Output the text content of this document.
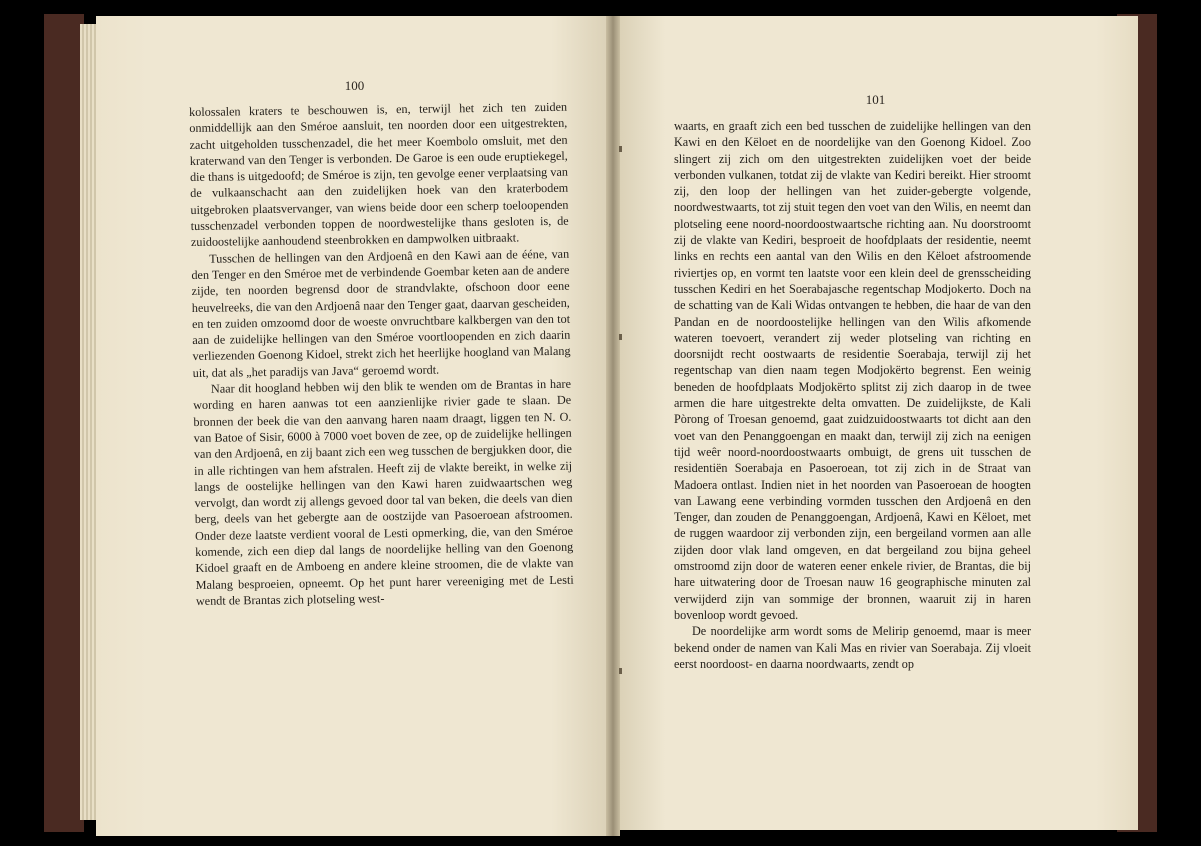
100

kolossalen kraters te beschouwen is, en, terwijl het zich ten zuiden onmiddellijk aan den Sméroe aansluit, ten noorden door een uitgestrekten, zacht uitgeholden tusschenzadel, die het meer Koembolo omsluit, met den kraterwand van den Tenger is verbonden. De Garoe is een oude eruptiekegel, die thans is uitgedoofd; de Sméroe is zijn, ten gevolge eener verplaatsing van de vulkaanschacht aan den zuidelijken hoek van den kraterbodem uitgebroken plaatsvervanger, van wiens beide door een scherp toeloopenden tusschenzadel verbonden toppen de noordwestelijke thans gesloten is, de zuidoostelijke aanhoudend steenbrokken en dampwolken uitbraakt.

Tusschen de hellingen van den Ardjoenâ en den Kawi aan de ééne, van den Tenger en den Sméroe met de verbindende Goembar keten aan de andere zijde, ten noorden begrensd door de strandvlakte, ofschoon door eene heuvelreeks, die van den Ardjoenâ naar den Tenger gaat, daarvan gescheiden, en ten zuiden omzoomd door de woeste onvruchtbare kalkbergen van den tot aan de zuidelijke hellingen van den Sméroe voortloopenden en zich daarin verliezenden Goenong Kidoel, strekt zich het heerlijke hoogland van Malang uit, dat als „het paradijs van Java“ geroemd wordt.

Naar dit hoogland hebben wij den blik te wenden om de Brantas in hare wording en haren aanwas tot een aanzienlijke rivier gade te slaan. De bronnen der beek die van den aanvang haren naam draagt, liggen ten N. O. van Batoe of Sisir, 6000 à 7000 voet boven de zee, op de zuidelijke hellingen van den Ardjoenâ, en zij baant zich een weg tusschen de bergjukken door, die in alle richtingen van hem afstralen. Heeft zij de vlakte bereikt, in welke zij langs de oostelijke hellingen van den Kawi haren zuidwaartschen weg vervolgt, dan wordt zij allengs gevoed door tal van beken, die deels van dien berg, deels van het gebergte aan de oostzijde van Pasoeroean afstroomen. Onder deze laatste verdient vooral de Lesti opmerking, die, van den Sméroe komende, zich een diep dal langs de noordelijke helling van den Goenong Kidoel graaft en de Amboeng en andere kleine stroomen, die de vlakte van Malang besproeien, opneemt. Op het punt harer vereeniging met de Lesti wendt de Brantas zich plotseling west-

101

waarts, en graaft zich een bed tusschen de zuidelijke hellingen van den Kawi en den Këloet en de noordelijke van den Goenong Kidoel. Zoo slingert zij zich om den uitgestrekten zuidelijken voet der beide verbonden vulkanen, totdat zij de vlakte van Kediri bereikt. Hier stroomt zij, den loop der hellingen van het zuider-gebergte volgende, noordwestwaarts, tot zij stuit tegen den voet van den Wilis, en neemt dan plotseling eene noord-noordoostwaartsche richting aan. Nu doorstroomt zij de vlakte van Kediri, besproeit de hoofdplaats der residentie, neemt links en rechts een aantal van den Wilis en den Këloet afstroomende riviertjes op, en vormt ten laatste voor een klein deel de grensscheiding tusschen Kediri en het Soerabajasche regentschap Modjokerto. Doch na de schatting van de Kali Widas ontvangen te hebben, die haar de van den Pandan en de noordoostelijke hellingen van den Wilis afkomende wateren toevoert, verandert zij weder plotseling van richting en doorsnijdt recht oostwaarts de residentie Soerabaja, terwijl zij het regentschap van dien naam tegen Modjokërto begrenst. Een weinig beneden de hoofdplaats Modjokërto splitst zij zich daarop in de twee armen die hare uitgestrekte delta omvatten. De zuidelijkste, de Kali Pòrong of Troesan genoemd, gaat zuidzuidoostwaarts tot dicht aan den voet van den Penanggoengan en maakt dan, terwijl zij zich na eenigen tijd weêr noord-noordoostwaarts ombuigt, de grens uit tusschen de residentiën Soerabaja en Pasoeroean, tot zij zich in de Straat van Madoera ontlast. Indien niet in het noorden van Pasoeroean de hoogten van Lawang eene verbinding vormden tusschen den Ardjoenâ en den Tenger, dan zouden de Penanggoengan, Ardjoenâ, Kawi en Këloet, met de ruggen waardoor zij verbonden zijn, een bergeiland vormen aan alle zijden door vlak land omgeven, en dat bergeiland zou bijna geheel omstroomd zijn door de wateren eener enkele rivier, de Brantas, die bij hare uitwatering door de Troesan nauw 16 geographische minuten zal verwijderd zijn van sommige der bronnen, waaruit zij in haren bovenloop wordt gevoed.

De noordelijke arm wordt soms de Melirip genoemd, maar is meer bekend onder de namen van Kali Mas en rivier van Soerabaja. Zij vloeit eerst noordoost- en daarna noordwaarts, zendt op
